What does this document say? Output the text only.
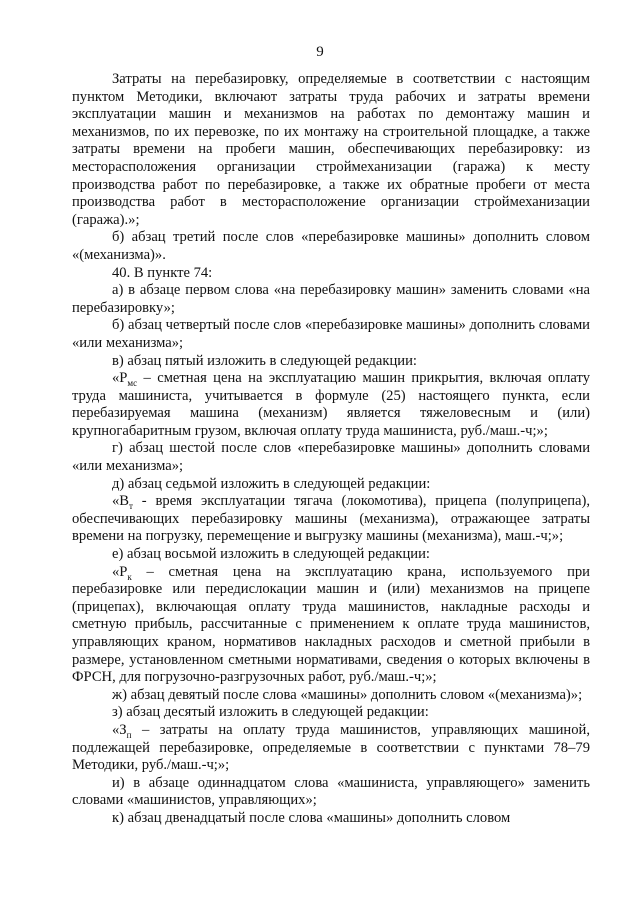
9

Затраты на перебазировку, определяемые в соответствии с настоящим пунктом Методики, включают затраты труда рабочих и затраты времени эксплуатации машин и механизмов на работах по демонтажу машин и механизмов, по их перевозке, по их монтажу на строительной площадке, а также затраты времени на пробеги машин, обеспечивающих перебазировку: из месторасположения организации строймеханизации (гаража) к месту производства работ по перебазировке, а также их обратные пробеги от места производства работ в месторасположение организации строймеханизации (гаража).»;

б) абзац третий после слов «перебазировке машины» дополнить словом «(механизма)».

40. В пункте 74:

а) в абзаце первом слова «на перебазировку машин» заменить словами «на перебазировку»;

б) абзац четвертый после слов «перебазировке машины» дополнить словами «или механизма»;

в) абзац пятый изложить в следующей редакции:

«$Р_{мс}$ – сметная цена на эксплуатацию машин прикрытия, включая оплату труда машиниста, учитывается в формуле (25) настоящего пункта, если перебазируемая машина (механизм) является тяжеловесным и (или) крупногабаритным грузом, включая оплату труда машиниста, руб./маш.-ч;»;

г) абзац шестой после слов «перебазировке машины» дополнить словами «или механизма»;

д) абзац седьмой изложить в следующей редакции:

«$В_т$ - время эксплуатации тягача (локомотива), прицепа (полуприцепа), обеспечивающих перебазировку машины (механизма), отражающее затраты времени на погрузку, перемещение и выгрузку машины (механизма), маш.-ч;»;

е) абзац восьмой изложить в следующей редакции:

«$Р_к$ – сметная цена на эксплуатацию крана, используемого при перебазировке или передислокации машин и (или) механизмов на прицепе (прицепах), включающая оплату труда машинистов, накладные расходы и сметную прибыль, рассчитанные с применением к оплате труда машинистов, управляющих краном, нормативов накладных расходов и сметной прибыли в размере, установленном сметными нормативами, сведения о которых включены в ФРСН, для погрузочно-разгрузочных работ, руб./маш.-ч;»;

ж) абзац девятый после слова «машины» дополнить словом «(механизма)»;

з) абзац десятый изложить в следующей редакции:

«$З_п$ – затраты на оплату труда машинистов, управляющих машиной, подлежащей перебазировке, определяемые в соответствии с пунктами 78–79 Методики, руб./маш.-ч;»;

и) в абзаце одиннадцатом слова «машиниста, управляющего» заменить словами «машинистов, управляющих»;

к) абзац двенадцатый после слова «машины» дополнить словом
